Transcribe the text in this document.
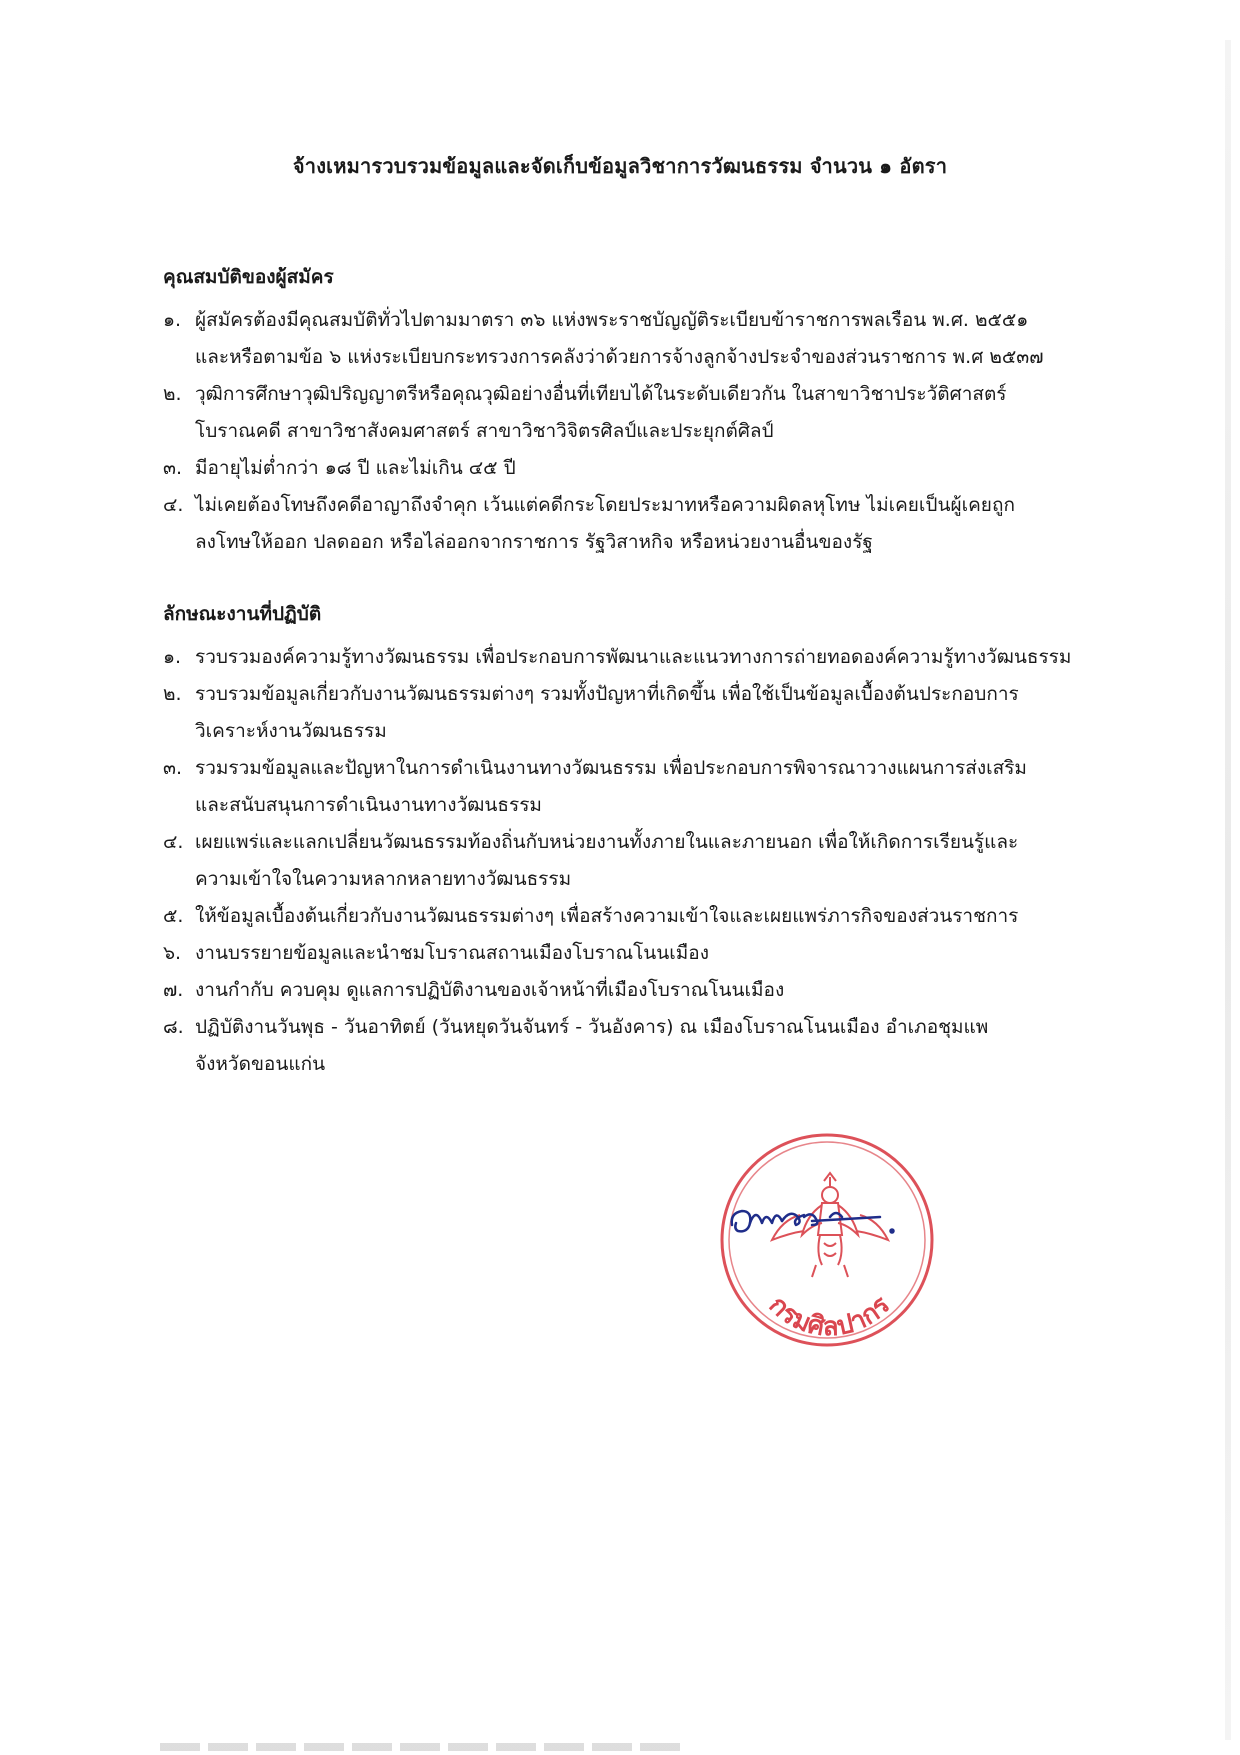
จ้างเหมารวบรวมข้อมูลและจัดเก็บข้อมูลวิชาการวัฒนธรรม จำนวน ๑ อัตรา
คุณสมบัติของผู้สมัคร
๑. ผู้สมัครต้องมีคุณสมบัติทั่วไปตามมาตรา ๓๖ แห่งพระราชบัญญัติระเบียบข้าราชการพลเรือน พ.ศ. ๒๕๕๑
และหรือตามข้อ ๖ แห่งระเบียบกระทรวงการคลังว่าด้วยการจ้างลูกจ้างประจำของส่วนราชการ พ.ศ ๒๕๓๗
๒. วุฒิการศึกษาวุฒิปริญญาตรีหรือคุณวุฒิอย่างอื่นที่เทียบได้ในระดับเดียวกัน ในสาขาวิชาประวัติศาสตร์
โบราณคดี สาขาวิชาสังคมศาสตร์ สาขาวิชาวิจิตรศิลป์และประยุกต์ศิลป์
๓. มีอายุไม่ต่ำกว่า ๑๘ ปี และไม่เกิน ๔๕ ปี
๔. ไม่เคยต้องโทษถึงคดีอาญาถึงจำคุก เว้นแต่คดีกระโดยประมาทหรือความผิดลหุโทษ ไม่เคยเป็นผู้เคยถูก
ลงโทษให้ออก ปลดออก หรือไล่ออกจากราชการ รัฐวิสาหกิจ หรือหน่วยงานอื่นของรัฐ
ลักษณะงานที่ปฏิบัติ
๑. รวบรวมองค์ความรู้ทางวัฒนธรรม เพื่อประกอบการพัฒนาและแนวทางการถ่ายทอดองค์ความรู้ทางวัฒนธรรม
๒. รวบรวมข้อมูลเกี่ยวกับงานวัฒนธรรมต่างๆ รวมทั้งปัญหาที่เกิดขึ้น เพื่อใช้เป็นข้อมูลเบื้องต้นประกอบการ
วิเคราะห์งานวัฒนธรรม
๓. รวมรวมข้อมูลและปัญหาในการดำเนินงานทางวัฒนธรรม เพื่อประกอบการพิจารณาวางแผนการส่งเสริม
และสนับสนุนการดำเนินงานทางวัฒนธรรม
๔. เผยแพร่และแลกเปลี่ยนวัฒนธรรมท้องถิ่นกับหน่วยงานทั้งภายในและภายนอก เพื่อให้เกิดการเรียนรู้และ
ความเข้าใจในความหลากหลายทางวัฒนธรรม
๕. ให้ข้อมูลเบื้องต้นเกี่ยวกับงานวัฒนธรรมต่างๆ เพื่อสร้างความเข้าใจและเผยแพร่ภารกิจของส่วนราชการ
๖. งานบรรยายข้อมูลและนำชมโบราณสถานเมืองโบราณโนนเมือง
๗. งานกำกับ ควบคุม ดูแลการปฏิบัติงานของเจ้าหน้าที่เมืองโบราณโนนเมือง
๘. ปฏิบัติงานวันพุธ - วันอาทิตย์ (วันหยุดวันจันทร์ - วันอังคาร) ณ เมืองโบราณโนนเมือง อำเภอชุมแพ
จังหวัดขอนแก่น
กรมศิลปากร
